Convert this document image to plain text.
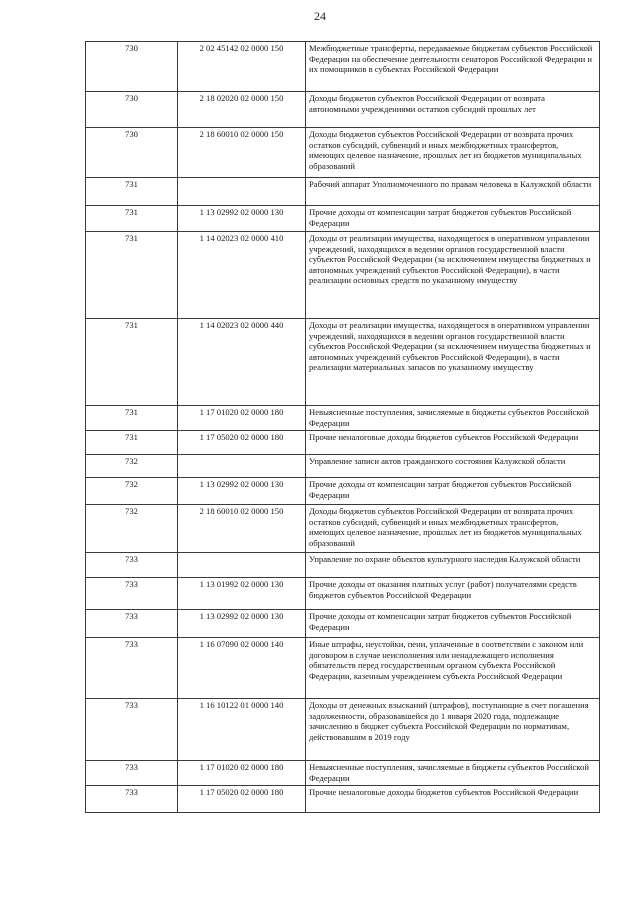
24
730	2 02 45142 02 0000 150	Межбюджетные трансферты, передаваемые бюджетам субъектов Российской Федерации на обеспечение деятельности сенаторов Российской Федерации и их помощников в субъектах Российской Федерации
730	2 18 02020 02 0000 150	Доходы бюджетов субъектов Российской Федерации от возврата автономными учреждениями остатков субсидий прошлых лет
730	2 18 60010 02 0000 150	Доходы бюджетов субъектов Российской Федерации от возврата прочих остатков субсидий, субвенций и иных межбюджетных трансфертов, имеющих целевое назначение, прошлых лет из бюджетов муниципальных образований
731		Рабочий аппарат Уполномоченного по правам человека в Калужской области
731	1 13 02992 02 0000 130	Прочие доходы от компенсации затрат бюджетов субъектов Российской Федерации
731	1 14 02023 02 0000 410	Доходы от реализации имущества, находящегося в оперативном управлении учреждений, находящихся в ведении органов государственной власти субъектов Российской Федерации (за исключением имущества бюджетных и автономных учреждений субъектов Российской Федерации), в части реализации основных средств по указанному имуществу
731	1 14 02023 02 0000 440	Доходы от реализации имущества, находящегося в оперативном управлении учреждений, находящихся в ведении органов государственной власти субъектов Российской Федерации (за исключением имущества бюджетных и автономных учреждений субъектов Российской Федерации), в части реализации материальных запасов по указанному имуществу
731	1 17 01020 02 0000 180	Невыясненные поступления, зачисляемые в бюджеты субъектов Российской Федерации
731	1 17 05020 02 0000 180	Прочие неналоговые доходы бюджетов субъектов Российской Федерации
732		Управление записи актов гражданского состояния Калужской области
732	1 13 02992 02 0000 130	Прочие доходы от компенсации затрат бюджетов субъектов Российской Федерации
732	2 18 60010 02 0000 150	Доходы бюджетов субъектов Российской Федерации от возврата прочих остатков субсидий, субвенций и иных межбюджетных трансфертов, имеющих целевое назначение, прошлых лет из бюджетов муниципальных образований
733		Управление по охране объектов культурного наследия Калужской области
733	1 13 01992 02 0000 130	Прочие доходы от оказания платных услуг (работ) получателями средств бюджетов субъектов Российской Федерации
733	1 13 02992 02 0000 130	Прочие доходы от компенсации затрат бюджетов субъектов Российской Федерации
733	1 16 07090 02 0000 140	Иные штрафы, неустойки, пени, уплаченные в соответствии с законом или договором в случае неисполнения или ненадлежащего исполнения обязательств перед государственным органом субъекта Российской Федерации, казенным учреждением субъекта Российской Федерации
733	1 16 10122 01 0000 140	Доходы от денежных взысканий (штрафов), поступающие в счет погашения задолженности, образовавшейся до 1 января 2020 года, подлежащие зачислению в бюджет субъекта Российской Федерации по нормативам, действовавшим в 2019 году
733	1 17 01020 02 0000 180	Невыясненные поступления, зачисляемые в бюджеты субъектов Российской Федерации
733	1 17 05020 02 0000 180	Прочие неналоговые доходы бюджетов субъектов Российской Федерации
